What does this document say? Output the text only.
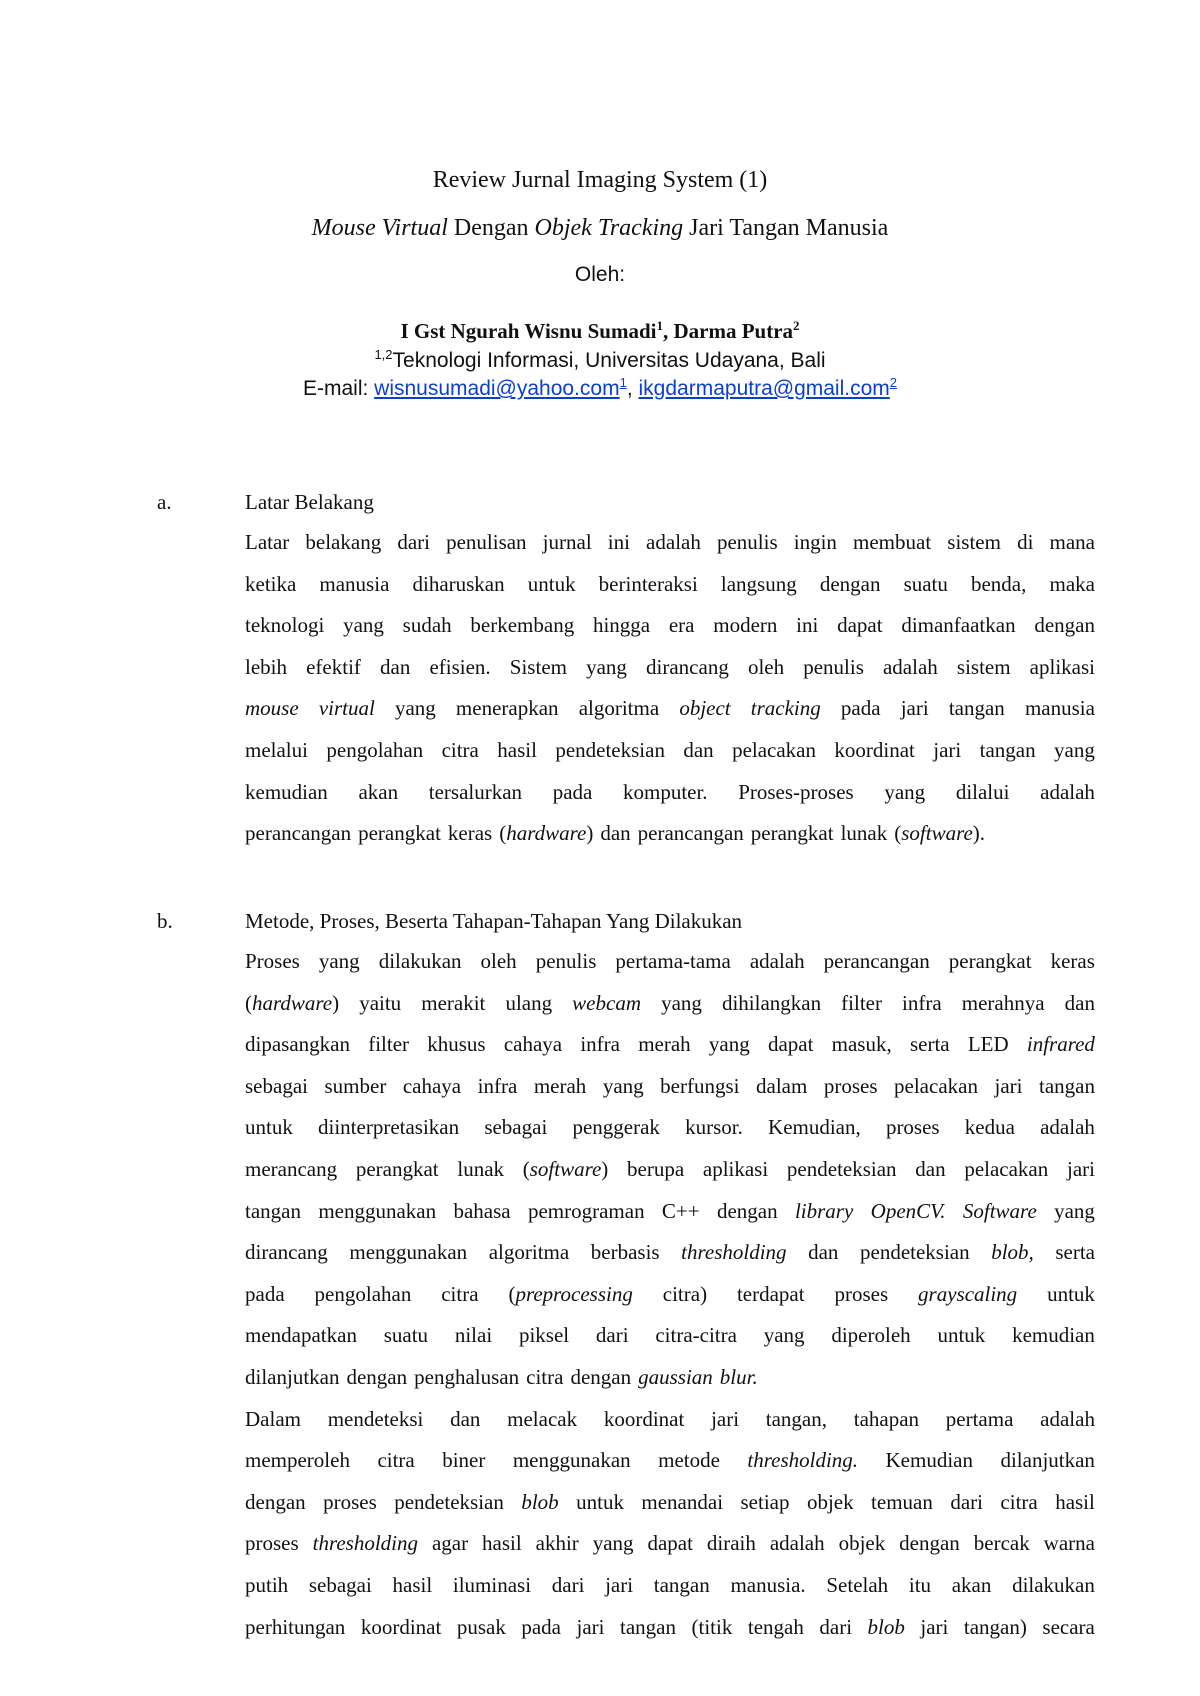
Review Jurnal Imaging System (1)
Mouse Virtual Dengan Objek Tracking Jari Tangan Manusia
Oleh:
I Gst Ngurah Wisnu Sumadi$^1$, Darma Putra$^2$
$^{1,2}$Teknologi Informasi, Universitas Udayana, Bali
E-mail: wisnusumadi@yahoo.com$^1$, ikgdarmaputra@gmail.com$^2$
a.	Latar Belakang
Latar belakang dari penulisan jurnal ini adalah penulis ingin membuat sistem di mana
ketika manusia diharuskan untuk berinteraksi langsung dengan suatu benda, maka
teknologi yang sudah berkembang hingga era modern ini dapat dimanfaatkan dengan
lebih efektif dan efisien. Sistem yang dirancang oleh penulis adalah sistem aplikasi
mouse virtual yang menerapkan algoritma object tracking pada jari tangan manusia
melalui pengolahan citra hasil pendeteksian dan pelacakan koordinat jari tangan yang
kemudian akan tersalurkan pada komputer. Proses-proses yang dilalui adalah
perancangan perangkat keras (hardware) dan perancangan perangkat lunak (software).
b.	Metode, Proses, Beserta Tahapan-Tahapan Yang Dilakukan
Proses yang dilakukan oleh penulis pertama-tama adalah perancangan perangkat keras
(hardware) yaitu merakit ulang webcam yang dihilangkan filter infra merahnya dan
dipasangkan filter khusus cahaya infra merah yang dapat masuk, serta LED infrared
sebagai sumber cahaya infra merah yang berfungsi dalam proses pelacakan jari tangan
untuk diinterpretasikan sebagai penggerak kursor. Kemudian, proses kedua adalah
merancang perangkat lunak (software) berupa aplikasi pendeteksian dan pelacakan jari
tangan menggunakan bahasa pemrograman C++ dengan library OpenCV. Software yang
dirancang menggunakan algoritma berbasis thresholding dan pendeteksian blob, serta
pada pengolahan citra (preprocessing citra) terdapat proses grayscaling untuk
mendapatkan suatu nilai piksel dari citra-citra yang diperoleh untuk kemudian
dilanjutkan dengan penghalusan citra dengan gaussian blur.
Dalam mendeteksi dan melacak koordinat jari tangan, tahapan pertama adalah
memperoleh citra biner menggunakan metode thresholding. Kemudian dilanjutkan
dengan proses pendeteksian blob untuk menandai setiap objek temuan dari citra hasil
proses thresholding agar hasil akhir yang dapat diraih adalah objek dengan bercak warna
putih sebagai hasil iluminasi dari jari tangan manusia. Setelah itu akan dilakukan
perhitungan koordinat pusak pada jari tangan (titik tengah dari blob jari tangan) secara
